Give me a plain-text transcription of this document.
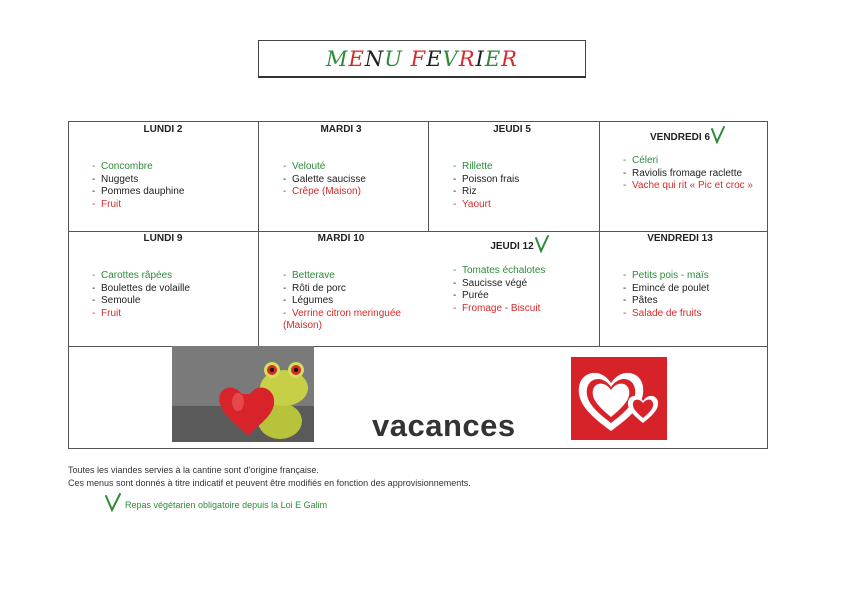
M E N U
F E V R I E R
LUNDI 2
- Concombre
- Nuggets
- Pommes dauphine
- Fruit
MARDI 3
- Velouté
- Galette saucisse
- Crêpe (Maison)
JEUDI 5
- Rillette
- Poisson frais
- Riz
- Yaourt
VENDREDI 6
- Céleri
- Raviolis fromage raclette
- Vache qui rit « Pic et croc »
LUNDI 9
- Carottes râpées
- Boulettes de volaille
- Semoule
- Fruit
MARDI 10
- Betterave
- Rôti de porc
- Légumes
- Verrine citron meringuée (Maison)
JEUDI 12
- Tomates échalotes
- Saucisse végé
- Purée
- Fromage - Biscuit
VENDREDI 13
- Petits pois - maïs
- Emincé de poulet
- Pâtes
- Salade de fruits
vacances
Toutes les viandes servies à la cantine sont d'origine française.
Ces menus sont donnés à titre indicatif et peuvent être modifiés en fonction des approvisionnements.
Repas végétarien obligatoire depuis la Loi E Galim
